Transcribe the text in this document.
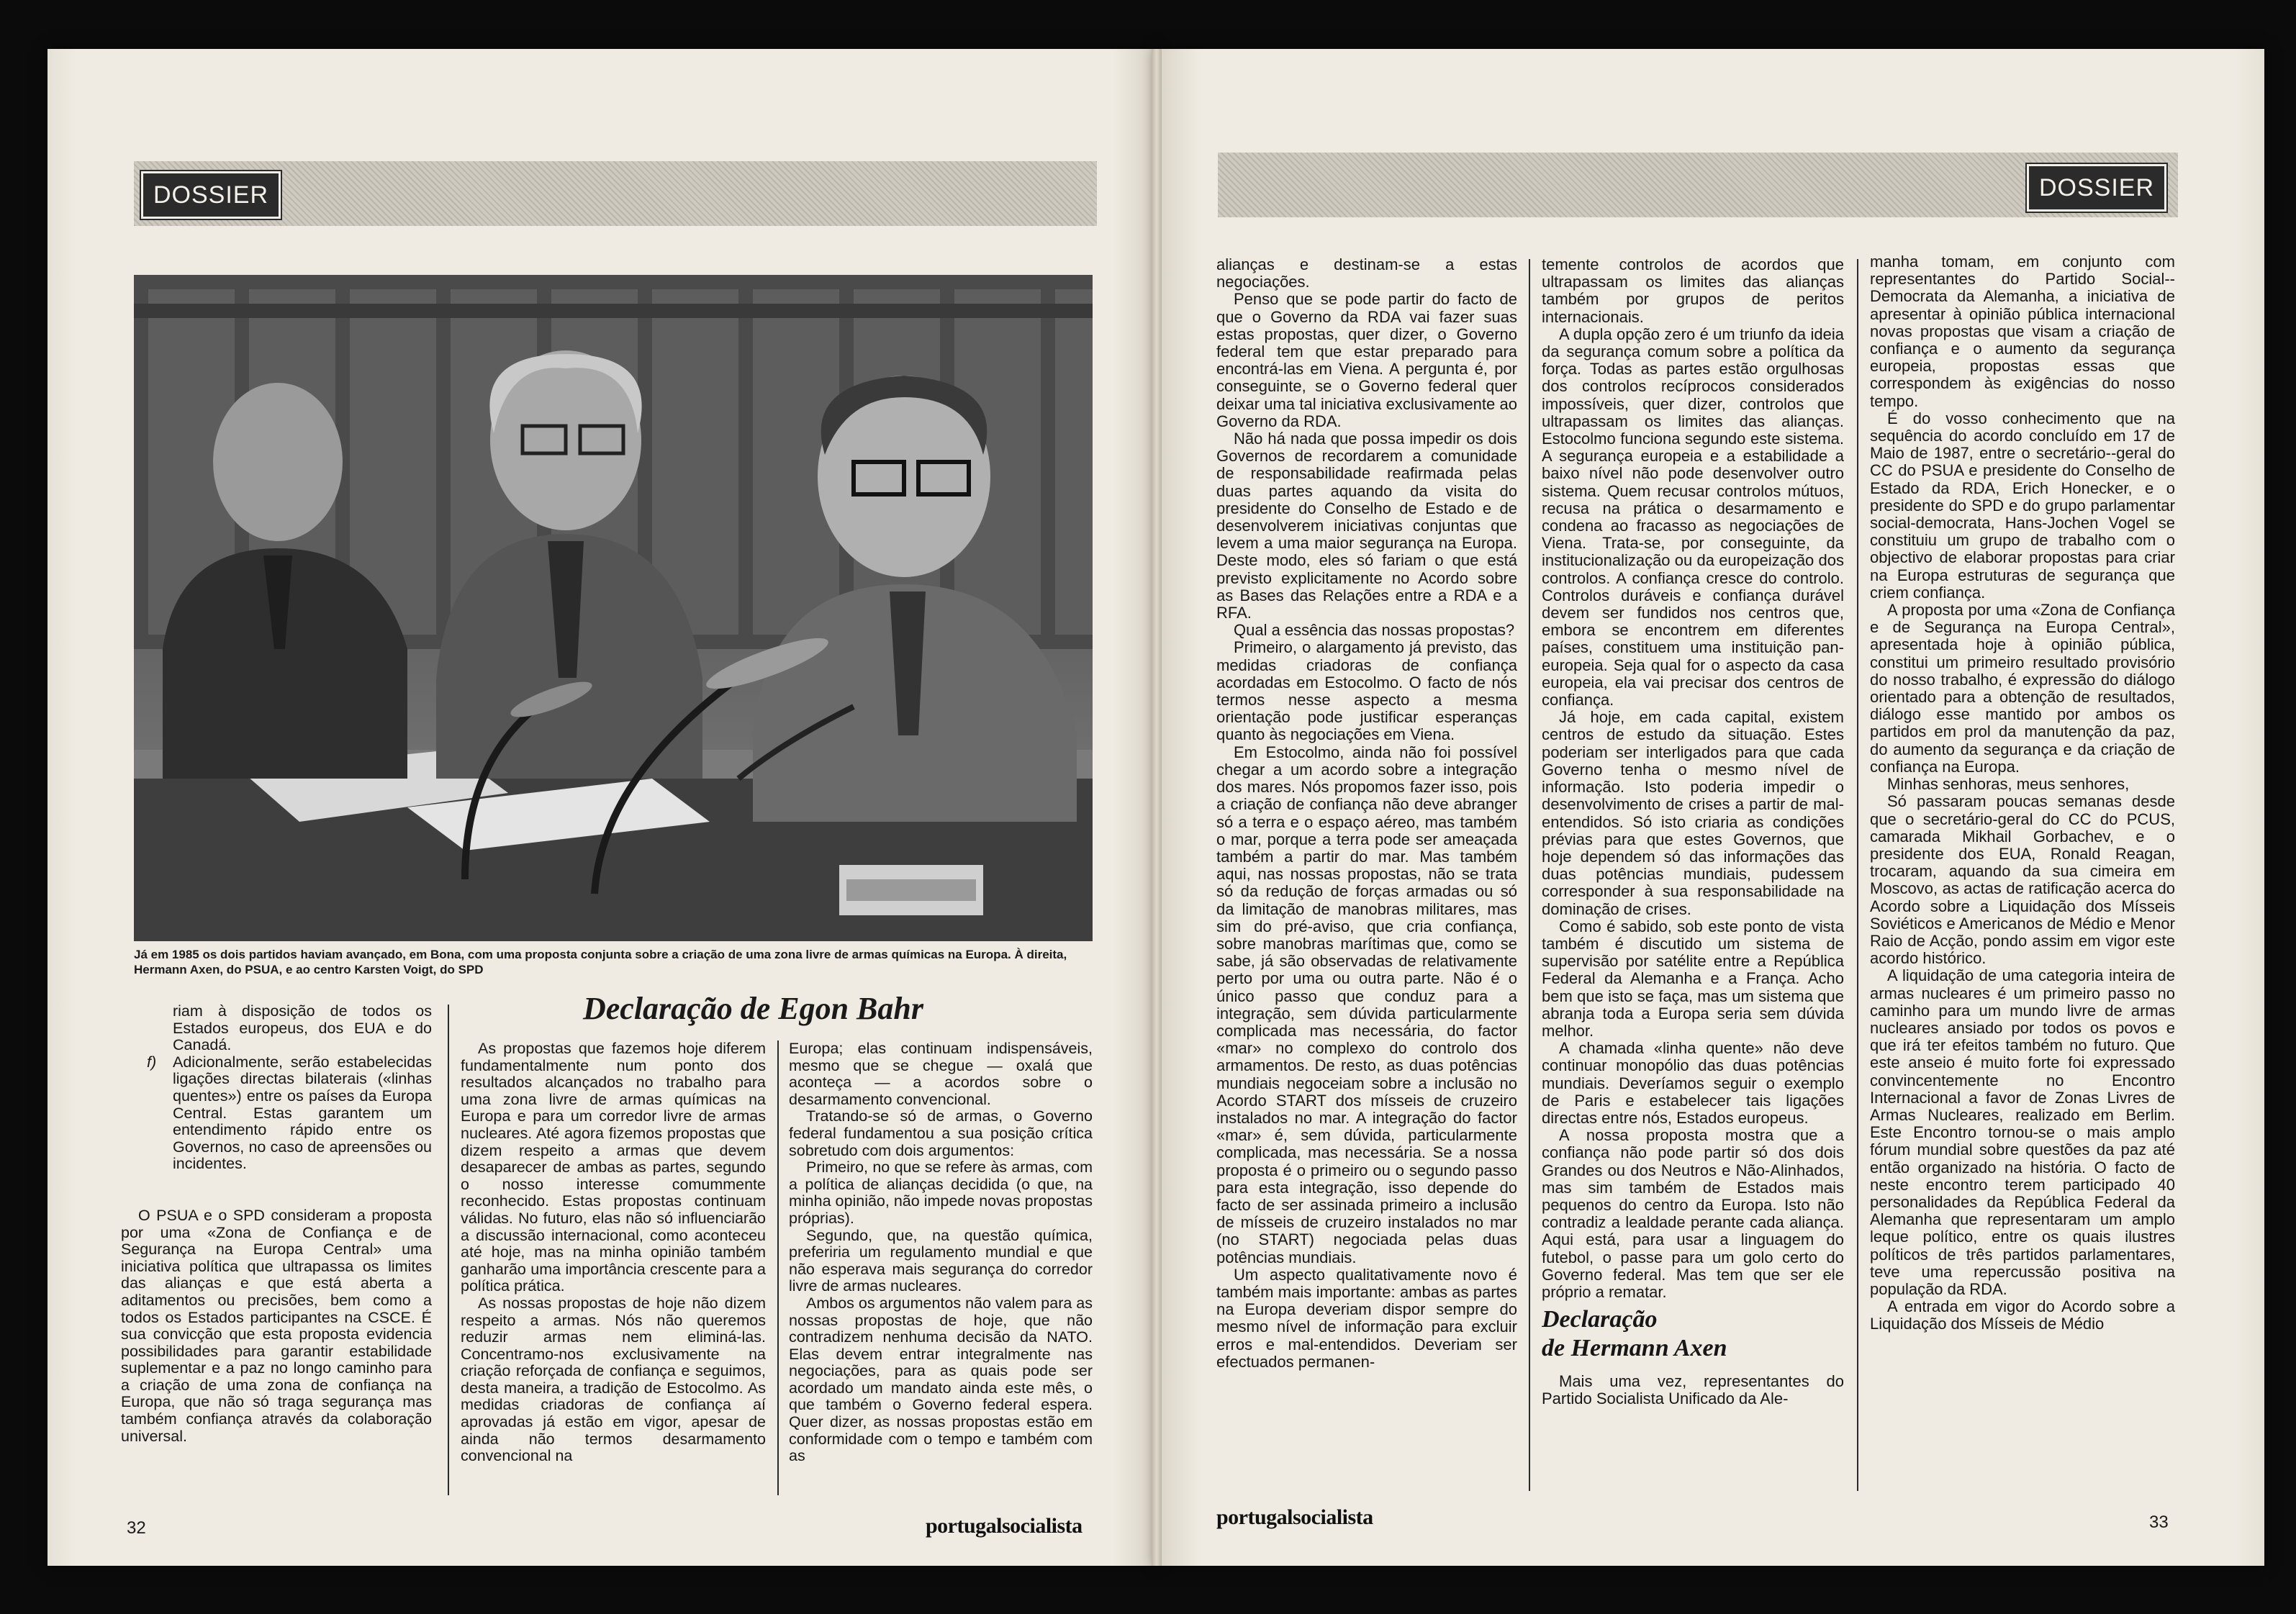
DOSSIER
Já em 1985 os dois partidos haviam avançado, em Bona, com uma proposta conjunta sobre a criação de uma zona livre de armas químicas na Europa. À direita, Hermann Axen, do PSUA, e ao centro Karsten Voigt, do SPD

riam à disposição de todos os Estados europeus, dos EUA e do Canadá.

f) Adicionalmente, serão estabelecidas ligações directas bilaterais («linhas quentes») entre os países da Europa Central. Estas garantem um entendimento rápido entre os Governos, no caso de apreensões ou incidentes.

O PSUA e o SPD consideram a proposta por uma «Zona de Confiança e de Segurança na Europa Central» uma iniciativa política que ultrapassa os limites das alianças e que está aberta a aditamentos ou precisões, bem como a todos os Estados participantes na CSCE. É sua convicção que esta proposta evidencia possibilidades para garantir estabilidade suplementar e a paz no longo caminho para a criação de uma zona de confiança na Europa, que não só traga segurança mas também confiança através da colaboração universal.

Declaração de Egon Bahr

As propostas que fazemos hoje diferem fundamentalmente num ponto dos resultados alcançados no trabalho para uma zona livre de armas químicas na Europa e para um corredor livre de armas nucleares. Até agora fizemos propostas que dizem respeito a armas que devem desaparecer de ambas as partes, segundo o nosso interesse comummente reconhecido. Estas propostas continuam válidas. No futuro, elas não só influenciarão a discussão internacional, como aconteceu até hoje, mas na minha opinião também ganharão uma importância crescente para a política prática.

As nossas propostas de hoje não dizem respeito a armas. Nós não queremos reduzir armas nem eliminá-las. Concentramo-nos exclusivamente na criação reforçada de confiança e seguimos, desta maneira, a tradição de Estocolmo. As medidas criadoras de confiança aí aprovadas já estão em vigor, apesar de ainda não termos desarmamento convencional na

Europa; elas continuam indispensáveis, mesmo que se chegue — oxalá que aconteça — a acordos sobre o desarmamento convencional.

Tratando-se só de armas, o Governo federal fundamentou a sua posição crítica sobretudo com dois argumentos:

Primeiro, no que se refere às armas, com a política de alianças decidida (o que, na minha opinião, não impede novas propostas próprias).

Segundo, que, na questão química, preferiria um regulamento mundial e que não esperava mais segurança do corredor livre de armas nucleares.

Ambos os argumentos não valem para as nossas propostas de hoje, que não contradizem nenhuma decisão da NATO. Elas devem entrar integralmente nas negociações, para as quais pode ser acordado um mandato ainda este mês, o que também o Governo federal espera. Quer dizer, as nossas propostas estão em conformidade com o tempo e também com as

32	portugalsocialista
DOSSIER

alianças e destinam-se a estas negociações.

Penso que se pode partir do facto de que o Governo da RDA vai fazer suas estas propostas, quer dizer, o Governo federal tem que estar preparado para encontrá-las em Viena. A pergunta é, por conseguinte, se o Governo federal quer deixar uma tal iniciativa exclusivamente ao Governo da RDA.

Não há nada que possa impedir os dois Governos de recordarem a comunidade de responsabilidade reafirmada pelas duas partes aquando da visita do presidente do Conselho de Estado e de desenvolverem iniciativas conjuntas que levem a uma maior segurança na Europa. Deste modo, eles só fariam o que está previsto explicitamente no Acordo sobre as Bases das Relações entre a RDA e a RFA.

Qual a essência das nossas propostas?

Primeiro, o alargamento já previsto, das medidas criadoras de confiança acordadas em Estocolmo. O facto de nós termos nesse aspecto a mesma orientação pode justificar esperanças quanto às negociações em Viena.

Em Estocolmo, ainda não foi possível chegar a um acordo sobre a integração dos mares. Nós propomos fazer isso, pois a criação de confiança não deve abranger só a terra e o espaço aéreo, mas também o mar, porque a terra pode ser ameaçada também a partir do mar. Mas também aqui, nas nossas propostas, não se trata só da redução de forças armadas ou só da limitação de manobras militares, mas sim do pré-aviso, que cria confiança, sobre manobras marítimas que, como se sabe, já são observadas de relativamente perto por uma ou outra parte. Não é o único passo que conduz para a integração, sem dúvida particularmente complicada mas necessária, do factor «mar» no complexo do controlo dos armamentos. De resto, as duas potências mundiais negoceiam sobre a inclusão no Acordo START dos mísseis de cruzeiro instalados no mar. A integração do factor «mar» é, sem dúvida, particularmente complicada, mas necessária. Se a nossa proposta é o primeiro ou o segundo passo para esta integração, isso depende do facto de ser assinada primeiro a inclusão de mísseis de cruzeiro instalados no mar (no START) negociada pelas duas potências mundiais.

Um aspecto qualitativamente novo é também mais importante: ambas as partes na Europa deveriam dispor sempre do mesmo nível de informação para excluir erros e mal-entendidos. Deveriam ser efectuados permanen-

temente controlos de acordos que ultrapassam os limites das alianças também por grupos de peritos internacionais.

A dupla opção zero é um triunfo da ideia da segurança comum sobre a política da força. Todas as partes estão orgulhosas dos controlos recíprocos considerados impossíveis, quer dizer, controlos que ultrapassam os limites das alianças. Estocolmo funciona segundo este sistema. A segurança europeia e a estabilidade a baixo nível não pode desenvolver outro sistema. Quem recusar controlos mútuos, recusa na prática o desarmamento e condena ao fracasso as negociações de Viena. Trata-se, por conseguinte, da institucionalização ou da europeização dos controlos. A confiança cresce do controlo. Controlos duráveis e confiança durável devem ser fundidos nos centros que, embora se encontrem em diferentes países, constituem uma instituição pan-europeia. Seja qual for o aspecto da casa europeia, ela vai precisar dos centros de confiança.

Já hoje, em cada capital, existem centros de estudo da situação. Estes poderiam ser interligados para que cada Governo tenha o mesmo nível de informação. Isto poderia impedir o desenvolvimento de crises a partir de mal-entendidos. Só isto criaria as condições prévias para que estes Governos, que hoje dependem só das informações das duas potências mundiais, pudessem corresponder à sua responsabilidade na dominação de crises.

Como é sabido, sob este ponto de vista também é discutido um sistema de supervisão por satélite entre a República Federal da Alemanha e a França. Acho bem que isto se faça, mas um sistema que abranja toda a Europa seria sem dúvida melhor.

A chamada «linha quente» não deve continuar monopólio das duas potências mundiais. Deveríamos seguir o exemplo de Paris e estabelecer tais ligações directas entre nós, Estados europeus.

A nossa proposta mostra que a confiança não pode partir só dos dois Grandes ou dos Neutros e Não-Alinhados, mas sim também de Estados mais pequenos do centro da Europa. Isto não contradiz a lealdade perante cada aliança. Aqui está, para usar a linguagem do futebol, o passe para um golo certo do Governo federal. Mas tem que ser ele próprio a rematar.

Declaração
de Hermann Axen

Mais uma vez, representantes do Partido Socialista Unificado da Ale-

manha tomam, em conjunto com representantes do Partido Social--Democrata da Alemanha, a iniciativa de apresentar à opinião pública internacional novas propostas que visam a criação de confiança e o aumento da segurança europeia, propostas essas que correspondem às exigências do nosso tempo.

É do vosso conhecimento que na sequência do acordo concluído em 17 de Maio de 1987, entre o secretário--geral do CC do PSUA e presidente do Conselho de Estado da RDA, Erich Honecker, e o presidente do SPD e do grupo parlamentar social-democrata, Hans-Jochen Vogel se constituiu um grupo de trabalho com o objectivo de elaborar propostas para criar na Europa estruturas de segurança que criem confiança.

A proposta por uma «Zona de Confiança e de Segurança na Europa Central», apresentada hoje à opinião pública, constitui um primeiro resultado provisório do nosso trabalho, é expressão do diálogo orientado para a obtenção de resultados, diálogo esse mantido por ambos os partidos em prol da manutenção da paz, do aumento da segurança e da criação de confiança na Europa.

Minhas senhoras, meus senhores,

Só passaram poucas semanas desde que o secretário-geral do CC do PCUS, camarada Mikhail Gorbachev, e o presidente dos EUA, Ronald Reagan, trocaram, aquando da sua cimeira em Moscovo, as actas de ratificação acerca do Acordo sobre a Liquidação dos Mísseis Soviéticos e Americanos de Médio e Menor Raio de Acção, pondo assim em vigor este acordo histórico.

A liquidação de uma categoria inteira de armas nucleares é um primeiro passo no caminho para um mundo livre de armas nucleares ansiado por todos os povos e que irá ter efeitos também no futuro. Que este anseio é muito forte foi expressado convincentemente no Encontro Internacional a favor de Zonas Livres de Armas Nucleares, realizado em Berlim. Este Encontro tornou-se o mais amplo fórum mundial sobre questões da paz até então organizado na história. O facto de neste encontro terem participado 40 personalidades da República Federal da Alemanha que representaram um amplo leque político, entre os quais ilustres políticos de três partidos parlamentares, teve uma repercussão positiva na população da RDA.

A entrada em vigor do Acordo sobre a Liquidação dos Mísseis de Médio

portugalsocialista	33
